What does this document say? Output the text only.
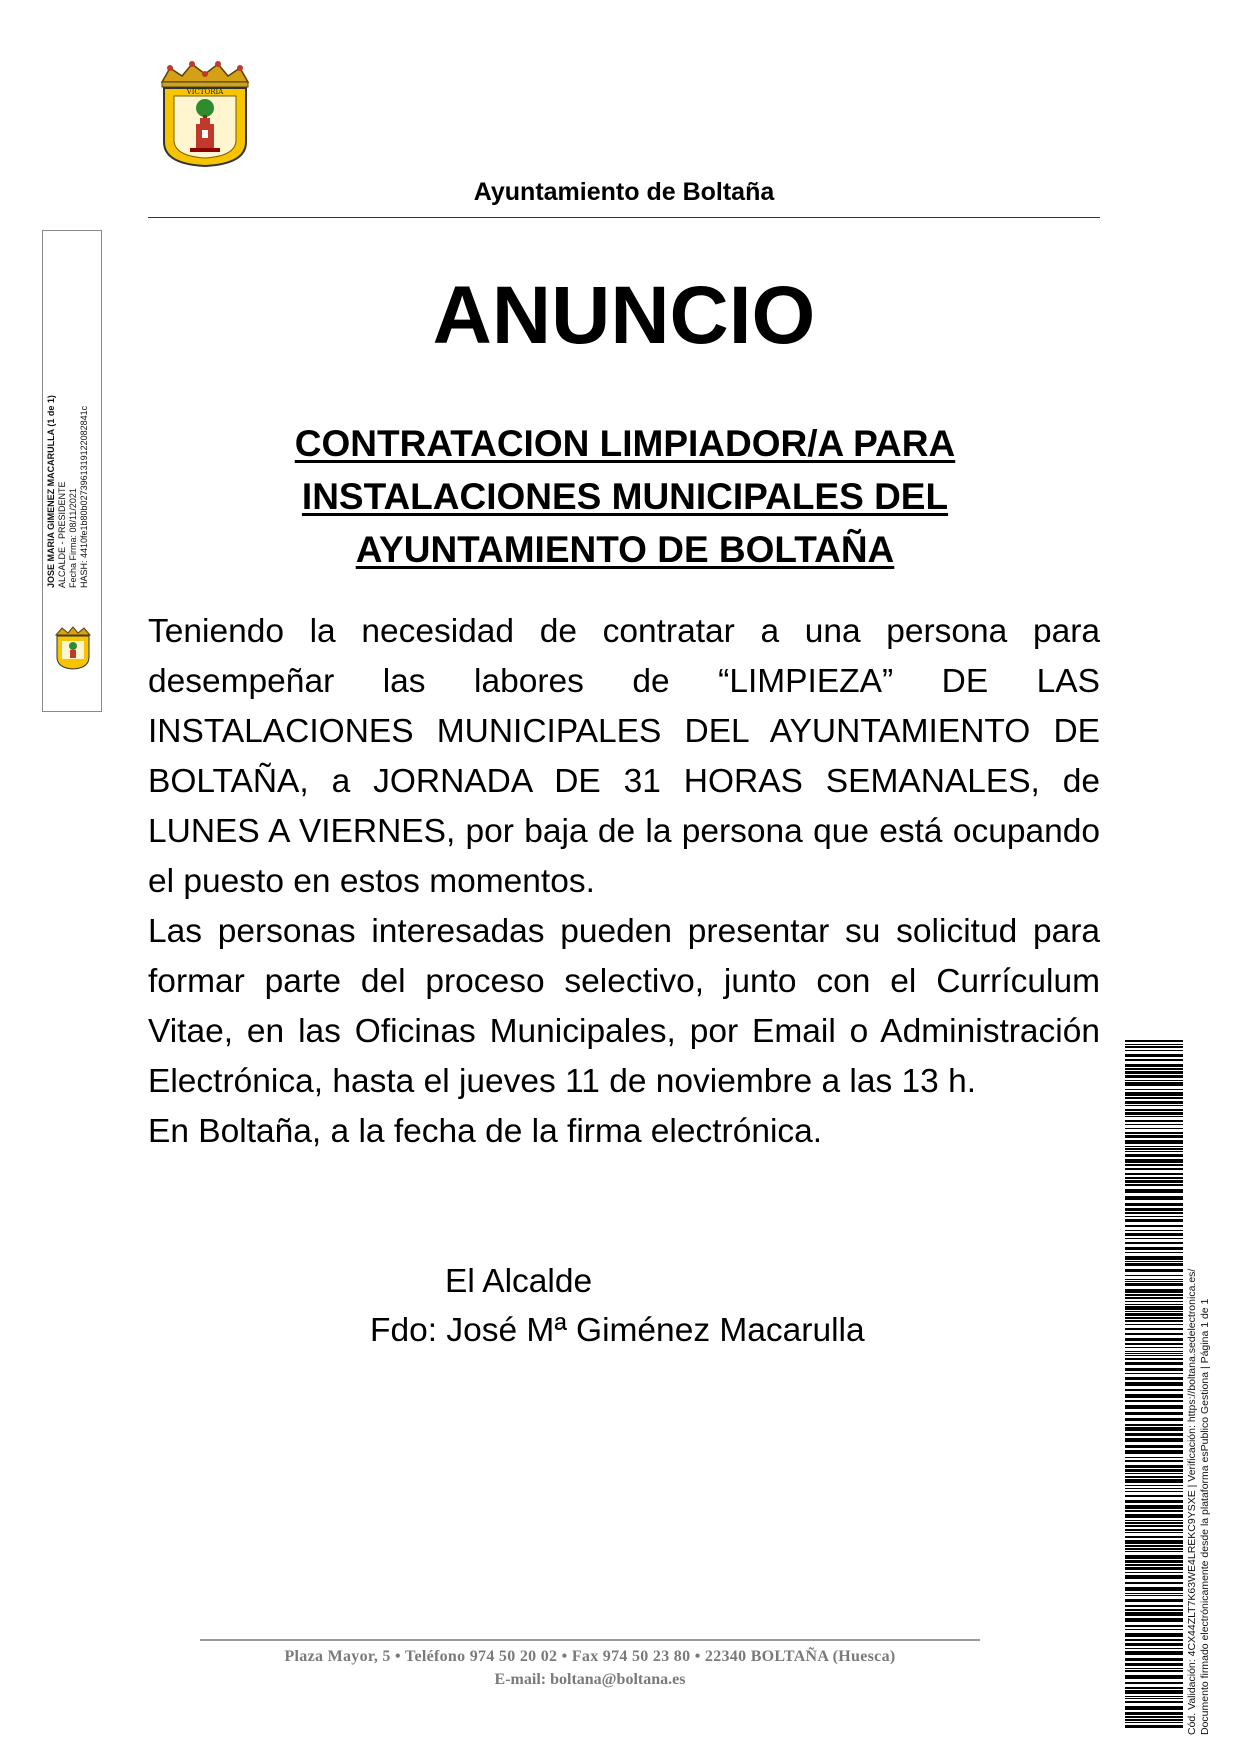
VICTORIA
Ayuntamiento de Boltaña
JOSE MARIA GIMENEZ MACARULLA (1 de 1) ALCALDE - PRESIDENTE Fecha Firma: 08/11/2021 HASH: 4410fe1b80b0273961319122082841c
ANUNCIO
CONTRATACION LIMPIADOR/A PARA INSTALACIONES MUNICIPALES DEL AYUNTAMIENTO DE BOLTAÑA

Teniendo la necesidad de contratar a una persona para desempeñar las labores de “LIMPIEZA” DE LAS INSTALACIONES MUNICIPALES DEL AYUNTAMIENTO DE BOLTAÑA, a JORNADA DE 31 HORAS SEMANALES, de LUNES A VIERNES, por baja de la persona que está ocupando el puesto en estos momentos.

Las personas interesadas pueden presentar su solicitud para formar parte del proceso selectivo, junto con el Currículum Vitae, en las Oficinas Municipales, por Email o Administración Electrónica, hasta el jueves 11 de noviembre a las 13 h.

En Boltaña, a la fecha de la firma electrónica.

El Alcalde
Fdo: José Mª Giménez Macarulla
Plaza Mayor, 5 • Teléfono 974 50 20 02 • Fax 974 50 23 80 • 22340 BOLTAÑA (Huesca)
E-mail: boltana@boltana.es	Cód. Validación: 4CX44ZLT7K63WE4LREKC9YSXE | Verificación: https://boltana.sedelectronica.es/ Documento firmado electrónicamente desde la plataforma esPublico Gestiona | Página 1 de 1
